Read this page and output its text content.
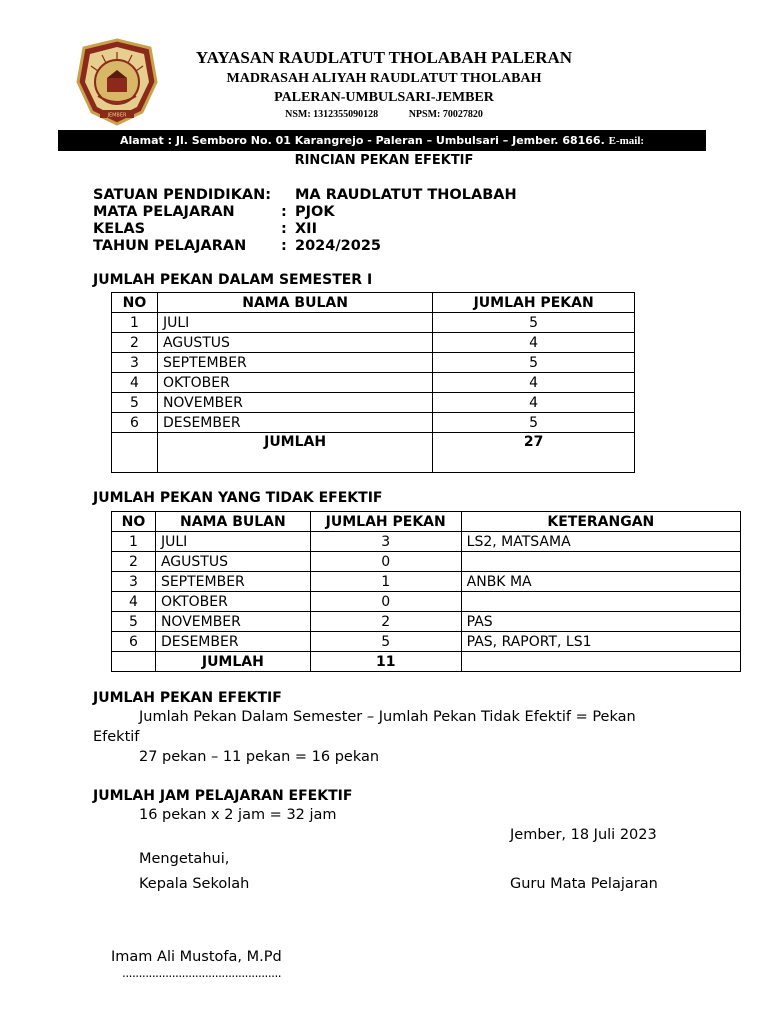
JEMBER
YAYASAN RAUDLATUT THOLABAH PALERAN
MADRASAH ALIYAH RAUDLATUT THOLABAH
PALERAN-UMBULSARI-JEMBER
NSM: 131235509012​8	NPSM: 70027820
Alamat : Jl. Semboro No. 01 Karangrejo - Paleran – Umbulsari – Jember. 68166. E-mail:
RINCIAN PEKAN EFEKTIF
SATUAN PENDIDIKAN: MA RAUDLATUT THOLABAH
MATA PELAJARAN	: PJOK
KELAS	: XII
TAHUN PELAJARAN : 2024/2025
JUMLAH PEKAN DALAM SEMESTER I
NO	NAMA BULAN	JUMLAH PEKAN
1	JULI	5
2	AGUSTUS	4
3	SEPTEMBER	5
4	OKTOBER	4
5	NOVEMBER	4
6	DESEMBER	5
	JUMLAH	27
JUMLAH PEKAN YANG TIDAK EFEKTIF
NO	NAMA BULAN	JUMLAH PEKAN	KETERANGAN
1	JULI	3	LS2, MATSAMA
2	AGUSTUS	0	
3	SEPTEMBER	1	ANBK MA
4	OKTOBER	0	
5	NOVEMBER	2	PAS
6	DESEMBER	5	PAS, RAPORT, LS1
	JUMLAH	11	
JUMLAH PEKAN EFEKTIF
Jumlah Pekan Dalam Semester – Jumlah Pekan Tidak Efektif = Pekan
Efektif
27 pekan – 11 pekan = 16 pekan
JUMLAH JAM PELAJARAN EFEKTIF
16 pekan x 2 jam = 32 jam
Jember, 18 Juli 2023
Mengetahui,
Kepala Sekolah	Guru Mata Pelajaran
Imam Ali Mustofa, M.Pd
................................................
